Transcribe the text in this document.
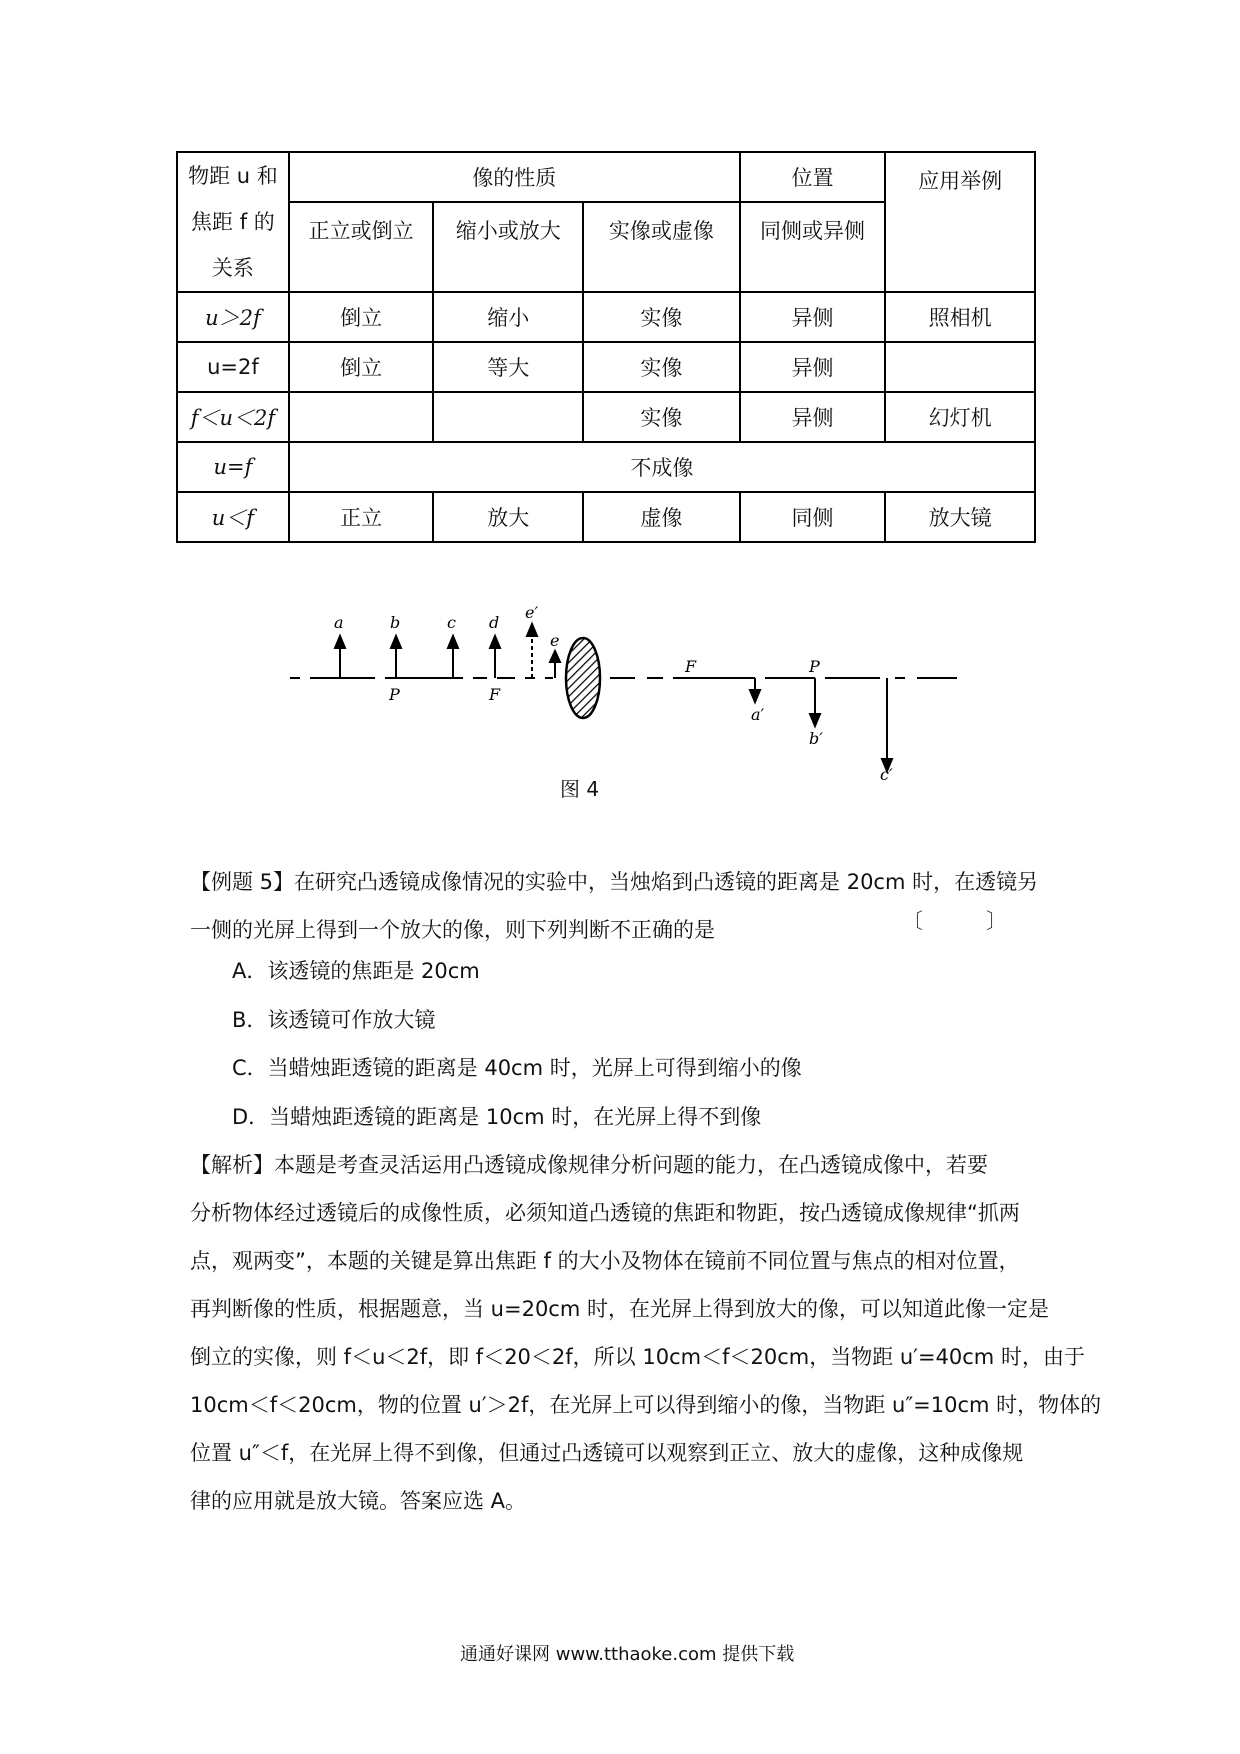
物距 u 和
焦距 f 的
关系	像的性质			位置	应用举例
	正立或倒立	缩小或放大	实像或虚像	同侧或异侧	

u＞2f	倒立	缩小	实像	异侧	照相机
u=2f	倒立	等大	实像	异侧	
f＜u＜2f			实像	异侧	幻灯机
u=f	不成像				
u＜f	正立	放大	虚像	同侧	放大镜
a	b	c d
e′
e
P	F
F	P
a′
b′
c′
图 4
【例题 5】在研究凸透镜成像情况的实验中，当烛焰到凸透镜的距离是 20cm 时，在透镜另
一侧的光屏上得到一个放大的像，则下列判断不正确的是	〔　　　〕
A．该透镜的焦距是 20cm
B．该透镜可作放大镜
C．当蜡烛距透镜的距离是 40cm 时，光屏上可得到缩小的像
D．当蜡烛距透镜的距离是 10cm 时，在光屏上得不到像
【解析】本题是考查灵活运用凸透镜成像规律分析问题的能力，在凸透镜成像中，若要
分析物体经过透镜后的成像性质，必须知道凸透镜的焦距和物距，按凸透镜成像规律“抓两
点，观两变”，本题的关键是算出焦距 f 的大小及物体在镜前不同位置与焦点的相对位置，
再判断像的性质，根据题意，当 u=20cm 时，在光屏上得到放大的像，可以知道此像一定是
倒立的实像，则 f＜u＜2f，即 f＜20＜2f，所以 10cm＜f＜20cm，当物距 u′=40cm 时，由于
10cm＜f＜20cm，物的位置 u′＞2f，在光屏上可以得到缩小的像，当物距 u″=10cm 时，物体的
位置 u″＜f，在光屏上得不到像，但通过凸透镜可以观察到正立、放大的虚像，这种成像规
律的应用就是放大镜。答案应选 A。
通通好课网 www.tthaoke.com 提供下载
